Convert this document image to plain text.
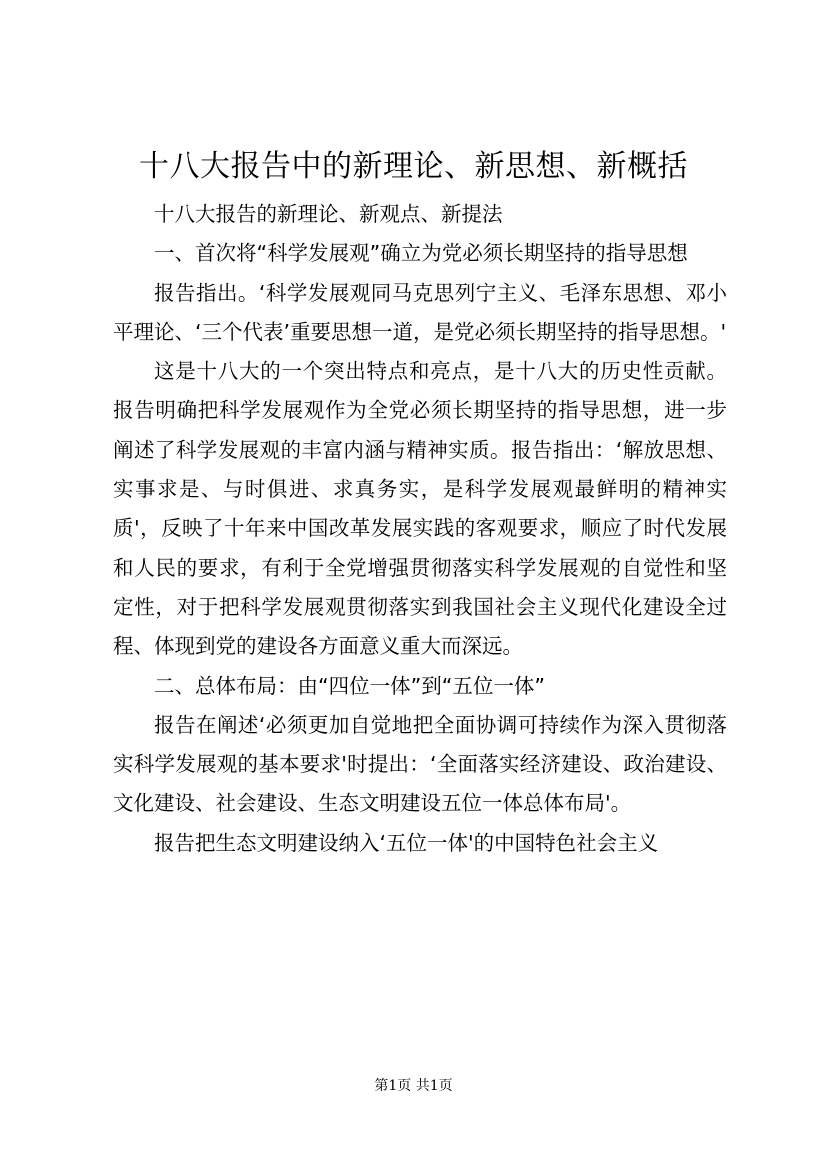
十八大报告中的新理论、新思想、新概括

十八大报告的新理论、新观点、新提法

一、首次将“科学发展观”确立为党必须长期坚持的指导思想

报告指出。‘科学发展观同马克思列宁主义、毛泽东思想、邓小平理论、‘三个代表’重要思想一道，是党必须长期坚持的指导思想。'

这是十八大的一个突出特点和亮点，是十八大的历史性贡献。报告明确把科学发展观作为全党必须长期坚持的指导思想，进一步阐述了科学发展观的丰富内涵与精神实质。报告指出：‘解放思想、实事求是、与时俱进、求真务实，是科学发展观最鲜明的精神实质'，反映了十年来中国改革发展实践的客观要求，顺应了时代发展和人民的要求，有利于全党增强贯彻落实科学发展观的自觉性和坚定性，对于把科学发展观贯彻落实到我国社会主义现代化建设全过程、体现到党的建设各方面意义重大而深远。

二、总体布局：由“四位一体”到“五位一体”

报告在阐述‘必须更加自觉地把全面协调可持续作为深入贯彻落实科学发展观的基本要求'时提出：‘全面落实经济建设、政治建设、文化建设、社会建设、生态文明建设五位一体总体布局'。

报告把生态文明建设纳入‘五位一体'的中国特色社会主义

第1页 共1页
